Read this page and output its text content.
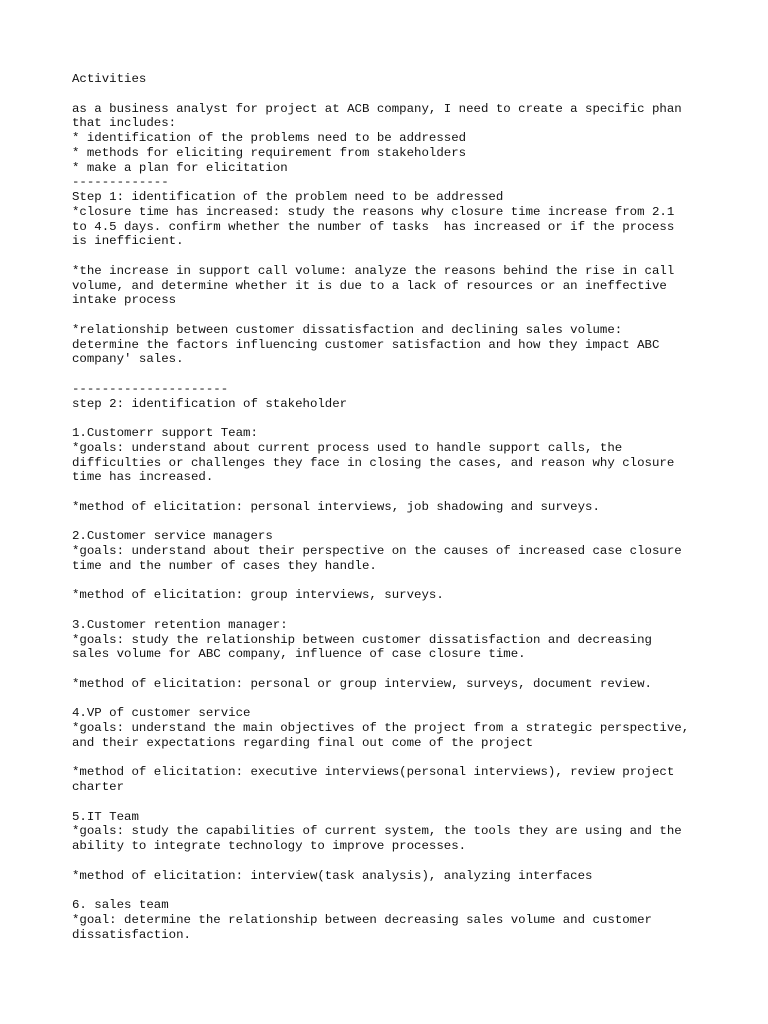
Activities
as a business analyst for project at ACB company, I need to create a specific phan
that includes:
* identification of the problems need to be addressed
* methods for eliciting requirement from stakeholders
* make a plan for elicitation
-------------
Step 1: identification of the problem need to be addressed
*closure time has increased: study the reasons why closure time increase from 2.1
to 4.5 days. confirm whether the number of tasks  has increased or if the process
is inefficient.
*the increase in support call volume: analyze the reasons behind the rise in call
volume, and determine whether it is due to a lack of resources or an ineffective
intake process
*relationship between customer dissatisfaction and declining sales volume:
determine the factors influencing customer satisfaction and how they impact ABC
company' sales.
---------------------
step 2: identification of stakeholder
1.Customerr support Team:
*goals: understand about current process used to handle support calls, the
difficulties or challenges they face in closing the cases, and reason why closure
time has increased.
*method of elicitation: personal interviews, job shadowing and surveys.
2.Customer service managers
*goals: understand about their perspective on the causes of increased case closure
time and the number of cases they handle.
*method of elicitation: group interviews, surveys.
3.Customer retention manager:
*goals: study the relationship between customer dissatisfaction and decreasing
sales volume for ABC company, influence of case closure time.
*method of elicitation: personal or group interview, surveys, document review.
4.VP of customer service
*goals: understand the main objectives of the project from a strategic perspective,
and their expectations regarding final out come of the project
*method of elicitation: executive interviews(personal interviews), review project
charter
5.IT Team
*goals: study the capabilities of current system, the tools they are using and the
ability to integrate technology to improve processes.
*method of elicitation: interview(task analysis), analyzing interfaces
6. sales team
*goal: determine the relationship between decreasing sales volume and customer
dissatisfaction.
